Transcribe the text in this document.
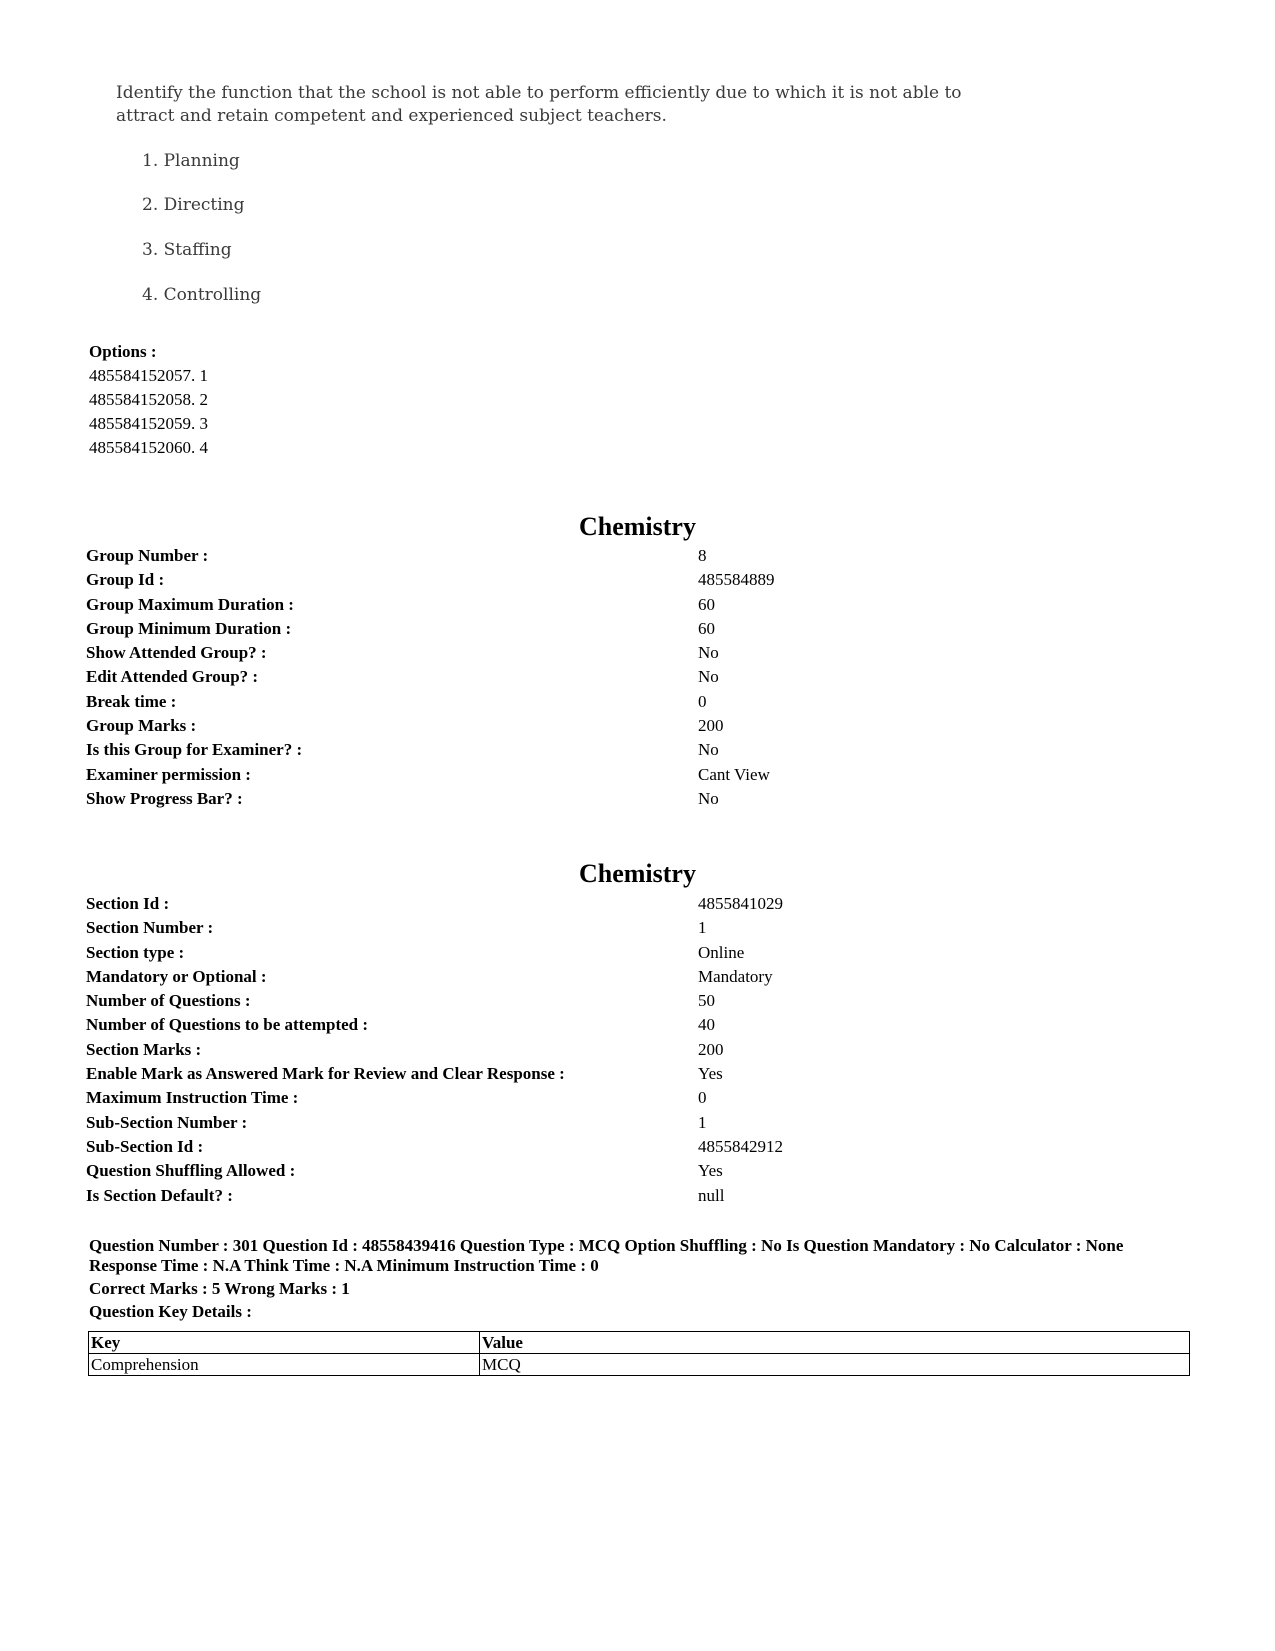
Identify the function that the school is not able to perform efficiently due to which it is not able to attract and retain competent and experienced subject teachers.
1. Planning
2. Directing
3. Staffing
4. Controlling
Options :
485584152057. 1
485584152058. 2
485584152059. 3
485584152060. 4
Chemistry
Group Number :	8
Group Id :	485584889
Group Maximum Duration :	60
Group Minimum Duration :	60
Show Attended Group? :	No
Edit Attended Group? :	No
Break time :	0
Group Marks :	200
Is this Group for Examiner? :	No
Examiner permission :	Cant View
Show Progress Bar? :	No
Chemistry
Section Id :	4855841029
Section Number :	1
Section type :	Online
Mandatory or Optional :	Mandatory
Number of Questions :	50
Number of Questions to be attempted :	40
Section Marks :	200
Enable Mark as Answered Mark for Review and Clear Response :	Yes
Maximum Instruction Time :	0
Sub-Section Number :	1
Sub-Section Id :	4855842912
Question Shuffling Allowed :	Yes
Is Section Default? :	null
Question Number : 301 Question Id : 48558439416 Question Type : MCQ Option Shuffling : No Is Question Mandatory : No Calculator : None Response Time : N.A Think Time : N.A Minimum Instruction Time : 0
Correct Marks : 5 Wrong Marks : 1
Question Key Details :
Key	Value
Comprehension	MCQ
